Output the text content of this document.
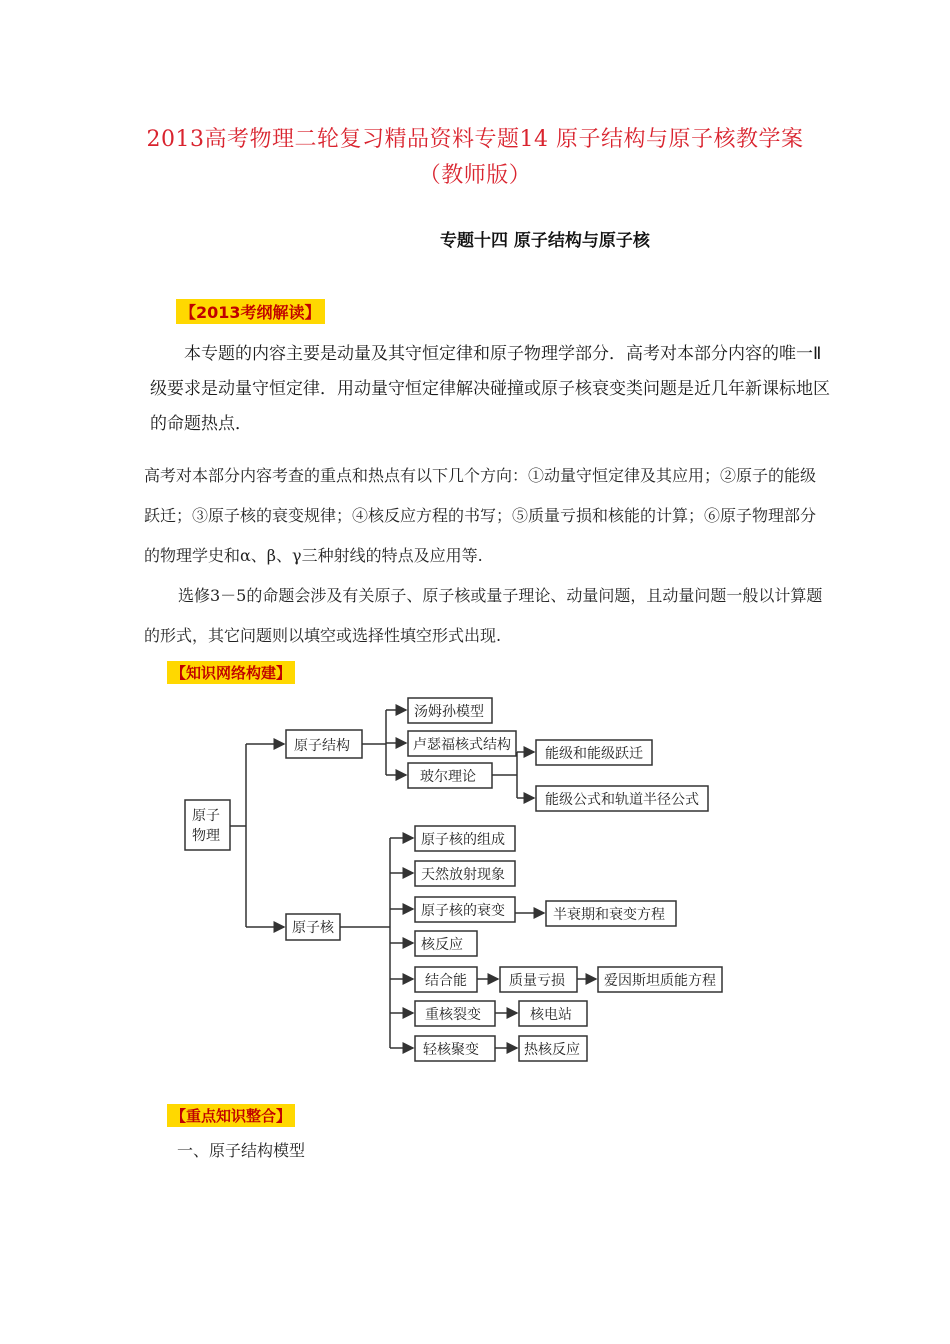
2013高考物理二轮复习精品资料专题14 原子结构与原子核教学案
（教师版）
专题十四 原子结构与原子核
【2013考纲解读】
本专题的内容主要是动量及其守恒定律和原子物理学部分．高考对本部分内容的唯一Ⅱ级要求是动量守恒定律．用动量守恒定律解决碰撞或原子核衰变类问题是近几年新课标地区的命题热点．
高考对本部分内容考查的重点和热点有以下几个方向：①动量守恒定律及其应用；②原子的能级跃迁；③原子核的衰变规律；④核反应方程的书写；⑤质量亏损和核能的计算；⑥原子物理部分的物理学史和α、β、γ三种射线的特点及应用等.
选修3－5的命题会涉及有关原子、原子核或量子理论、动量问题，且动量问题一般以计算题的形式，其它问题则以填空或选择性填空形式出现.
【知识网络构建】
原子
物理
原子结构
汤姆孙模型
卢瑟福核式结构
玻尔理论
能级和能级跃迁
能级公式和轨道半径公式
原子核
原子核的组成
天然放射现象
原子核的衰变	半衰期和衰变方程
核反应
结合能	质量亏损	爱因斯坦质能方程
重核裂变	核电站
轻核聚变	热核反应
【重点知识整合】
一、原子结构模型
